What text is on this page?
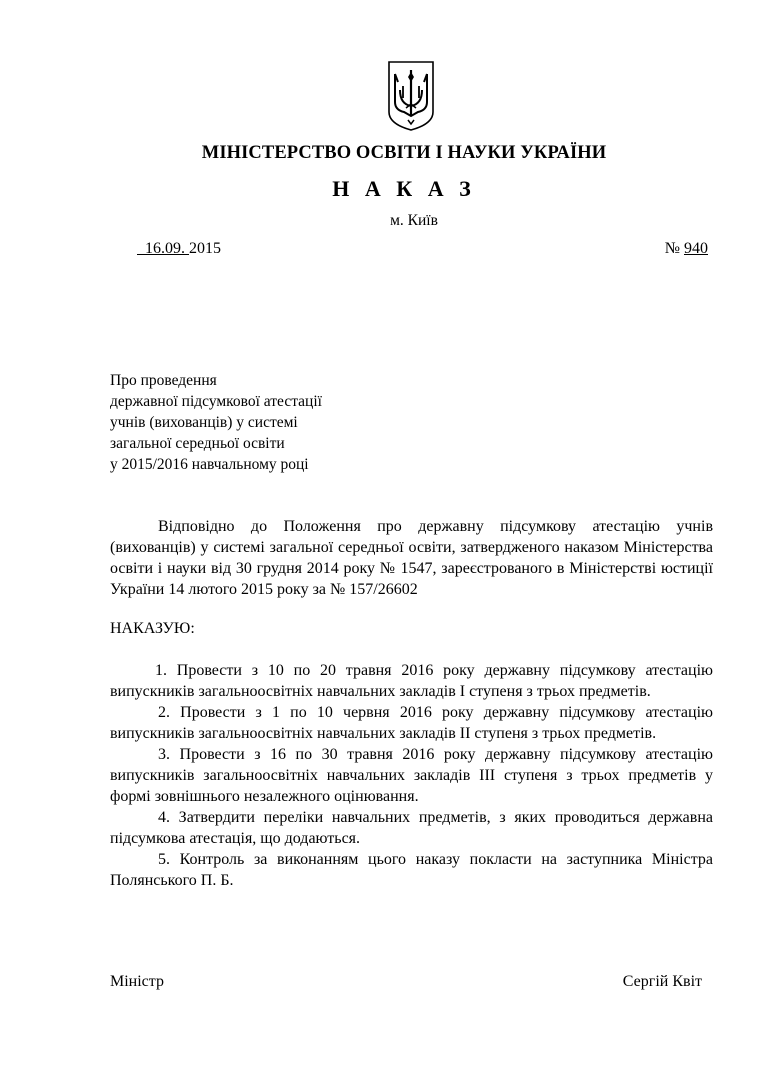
МІНІСТЕРСТВО ОСВІТИ І НАУКИ УКРАЇНИ
Н А К А З
м. Київ
16.09. 2015	№ 940
Про проведення
державної підсумкової атестації
учнів (вихованців) у системі
загальної середньої освіти
у 2015/2016 навчальному році
Відповідно до Положення про державну підсумкову атестацію учнів (вихованців) у системі загальної середньої освіти, затвердженого наказом Міністерства освіти і науки від 30 грудня 2014 року № 1547, зареєстрованого в Міністерстві юстиції України 14 лютого 2015 року за № 157/26602
НАКАЗУЮ:

1. Провести з 10 по 20 травня 2016 року державну підсумкову атестацію випускників загальноосвітніх навчальних закладів І ступеня з трьох предметів.

2. Провести з 1 по 10 червня 2016 року державну підсумкову атестацію випускників загальноосвітніх навчальних закладів ІІ ступеня з трьох предметів.

3. Провести з 16 по 30 травня 2016 року державну підсумкову атестацію випускників загальноосвітніх навчальних закладів ІІІ ступеня з трьох предметів у формі зовнішнього незалежного оцінювання.

4. Затвердити переліки навчальних предметів, з яких проводиться державна підсумкова атестація, що додаються.

5. Контроль за виконанням цього наказу покласти на заступника Міністра Полянського П. Б.

Міністр	Сергій Квіт
